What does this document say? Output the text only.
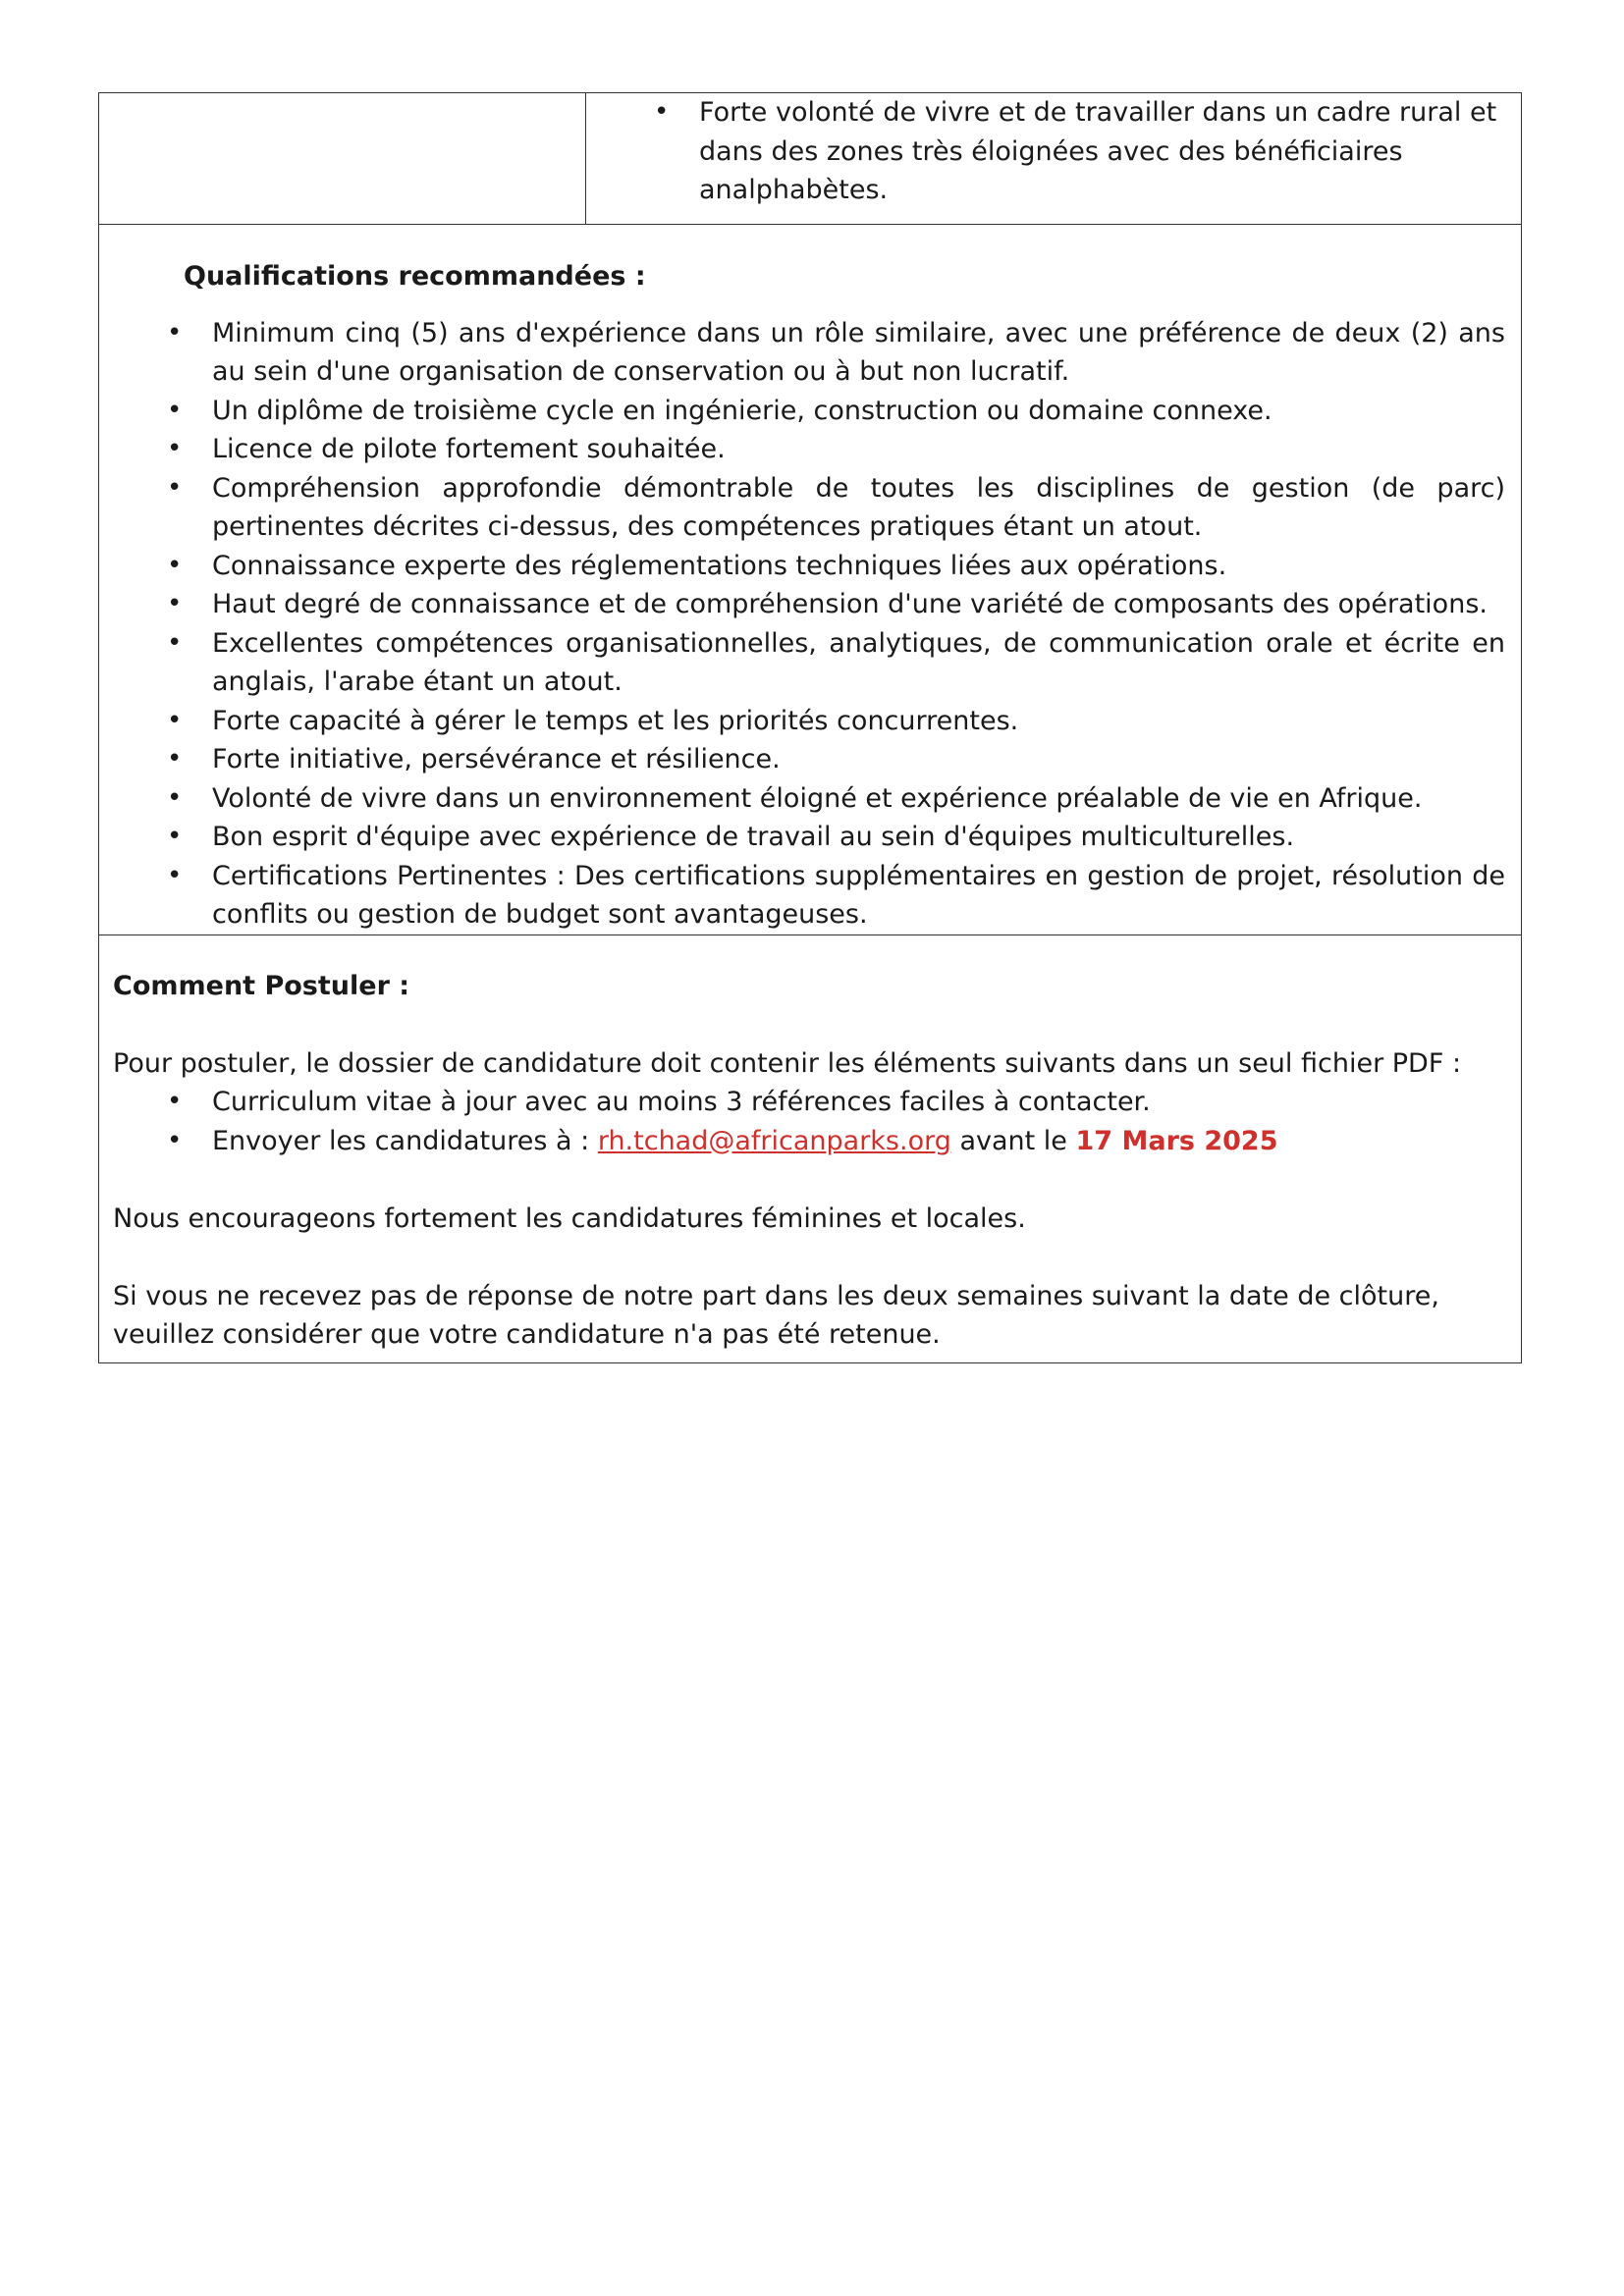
• Forte volonté de vivre et de travailler dans un cadre rural et dans des zones très éloignées avec des bénéficiaires analphabètes.

Qualifications recommandées :
• Minimum cinq (5) ans d'expérience dans un rôle similaire, avec une préférence de deux (2) ans au sein d'une organisation de conservation ou à but non lucratif.
• Un diplôme de troisième cycle en ingénierie, construction ou domaine connexe.
• Licence de pilote fortement souhaitée.
• Compréhension approfondie démontrable de toutes les disciplines de gestion (de parc) pertinentes décrites ci-dessus, des compétences pratiques étant un atout.
• Connaissance experte des réglementations techniques liées aux opérations.
• Haut degré de connaissance et de compréhension d'une variété de composants des opérations.
• Excellentes compétences organisationnelles, analytiques, de communication orale et écrite en anglais, l'arabe étant un atout.
• Forte capacité à gérer le temps et les priorités concurrentes.
• Forte initiative, persévérance et résilience.
• Volonté de vivre dans un environnement éloigné et expérience préalable de vie en Afrique.
• Bon esprit d'équipe avec expérience de travail au sein d'équipes multiculturelles.
• Certifications Pertinentes : Des certifications supplémentaires en gestion de projet, résolution de conflits ou gestion de budget sont avantageuses.

Comment Postuler :

Pour postuler, le dossier de candidature doit contenir les éléments suivants dans un seul fichier PDF :

• Curriculum vitae à jour avec au moins 3 références faciles à contacter.
• Envoyer les candidatures à : rh.tchad@africanparks.org avant le 17 Mars 2025

Nous encourageons fortement les candidatures féminines et locales.

Si vous ne recevez pas de réponse de notre part dans les deux semaines suivant la date de clôture, veuillez considérer que votre candidature n'a pas été retenue.
